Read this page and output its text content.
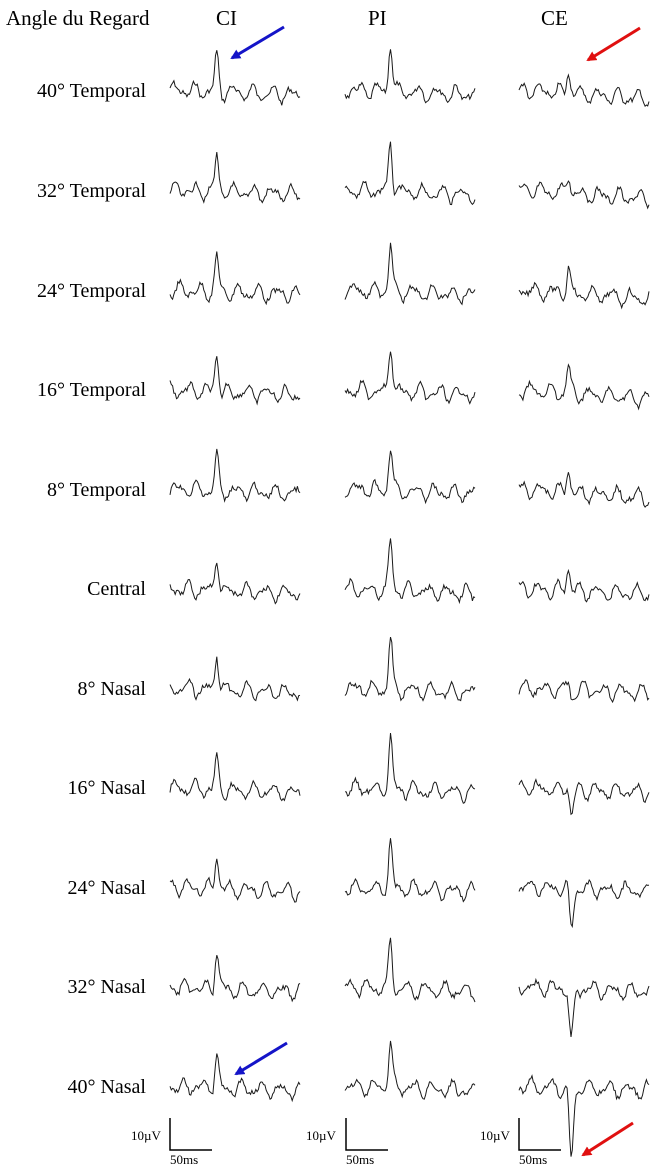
Angle du Regard	CI	PI	CE
40° Temporal
32° Temporal
24° Temporal
16° Temporal
8° Temporal
Central
8° Nasal
16° Nasal
24° Nasal
32° Nasal
40° Nasal
10µV
50ms
10µV
50ms
10µV
50ms
